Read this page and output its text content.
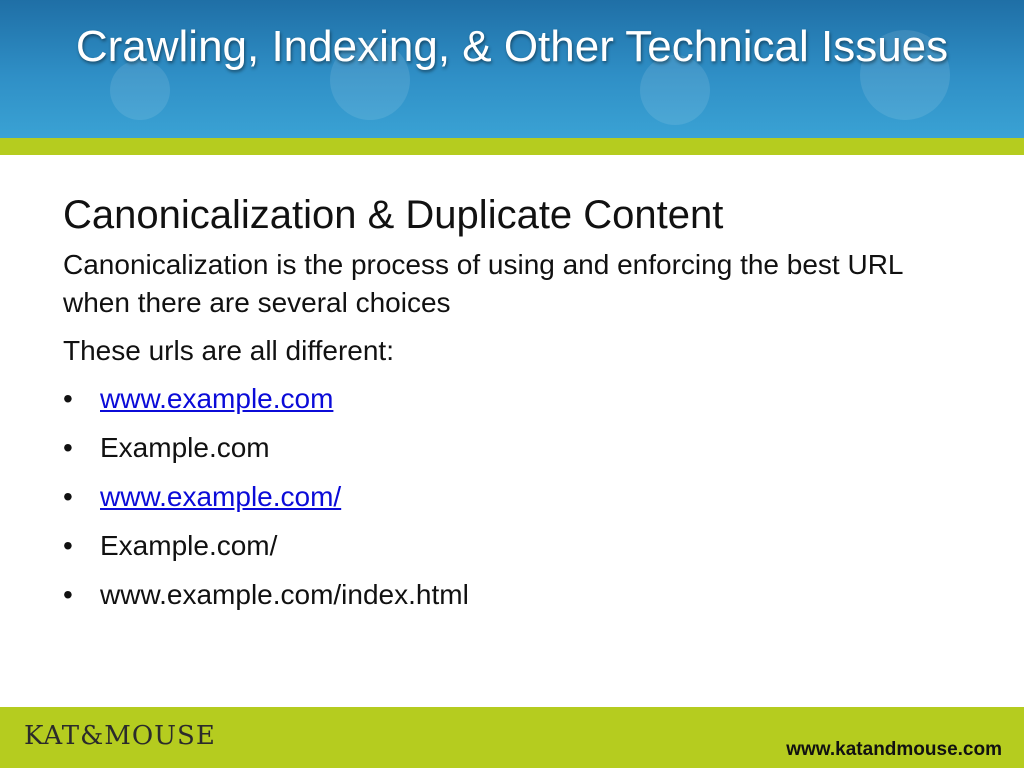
Crawling, Indexing, & Other Technical Issues
Canonicalization & Duplicate Content
Canonicalization is the process of using and enforcing the best URL when there are several choices
These urls are all different:
• www.example.com
• Example.com
• www.example.com/
• Example.com/
• www.example.com/index.html
KAT&MOUSE	www.katandmouse.com
